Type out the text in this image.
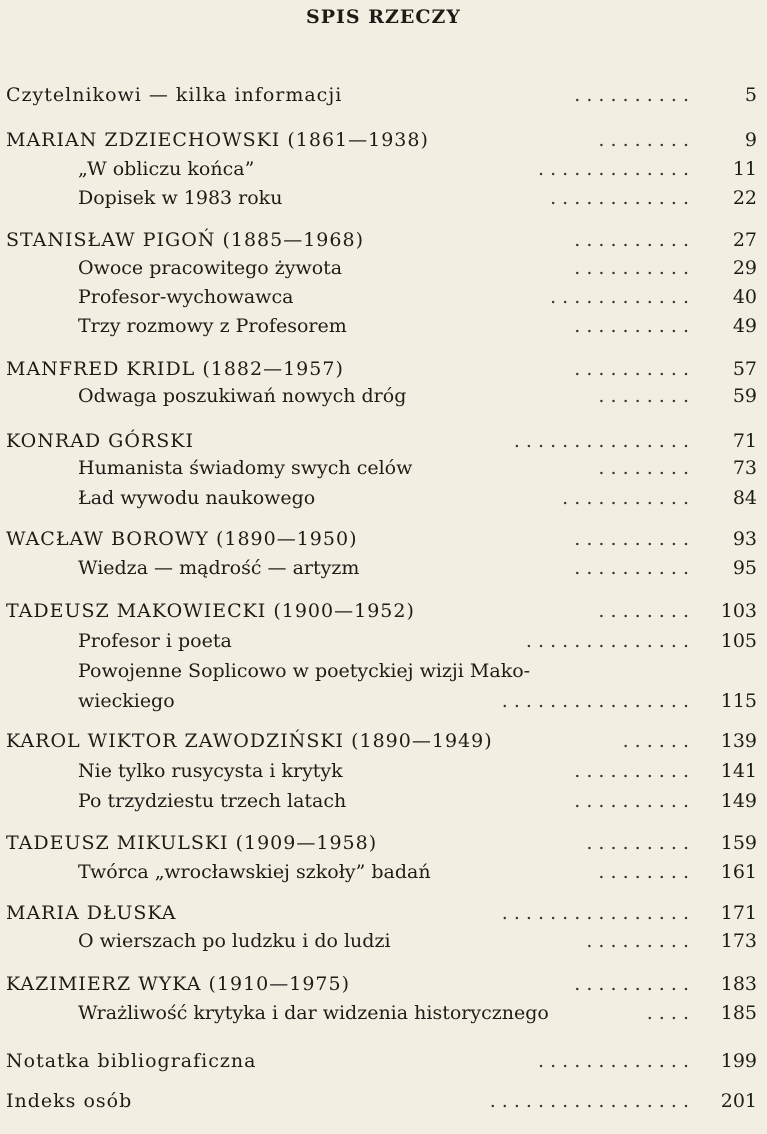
SPIS RZECZY
Czytelnikowi — kilka informacji	5
. . . . . . . . . .
MARIAN ZDZIECHOWSKI (1861—1938)	9
. . . . . . . .
„W obliczu końca”	11
. . . . . . . . . . . . .
Dopisek w 1983 roku	22
. . . . . . . . . . . .
STANISŁAW PIGOŃ (1885—1968)	27
. . . . . . . . . .
Owoce pracowitego żywota	29
. . . . . . . . . .
Profesor-wychowawca	40
. . . . . . . . . . . .
Trzy rozmowy z Profesorem	49
. . . . . . . . . .
MANFRED KRIDL (1882—1957)	57
. . . . . . . . . .
Odwaga poszukiwań nowych dróg	59
. . . . . . . .
KONRAD GÓRSKI	71
. . . . . . . . . . . . . . .
Humanista świadomy swych celów	73
. . . . . . . .
Ład wywodu naukowego	84
. . . . . . . . . . .
WACŁAW BOROWY (1890—1950)	93
. . . . . . . . . .
Wiedza — mądrość — artyzm	95
. . . . . . . . . .
TADEUSZ MAKOWIECKI (1900—1952)	103
. . . . . . . .
Profesor i poeta	105
. . . . . . . . . . . . . .
Powojenne Soplicowo w poetyckiej wizji Mako-
wieckiego	115
. . . . . . . . . . . . . . . .
KAROL WIKTOR ZAWODZIŃSKI (1890—1949)	139
. . . . . .
Nie tylko rusycysta i krytyk	141
. . . . . . . . . .
Po trzydziestu trzech latach	149
. . . . . . . . . .
TADEUSZ MIKULSKI (1909—1958)	159
. . . . . . . . .
Twórca „wrocławskiej szkoły” badań	161
. . . . . . . .
MARIA DŁUSKA	171
. . . . . . . . . . . . . . . .
O wierszach po ludzku i do ludzi	173
. . . . . . . . .
KAZIMIERZ WYKA (1910—1975)	183
. . . . . . . . . .
Wrażliwość krytyka i dar widzenia historycznego	185
. . . .
Notatka bibliograficzna	199
. . . . . . . . . . . . .
Indeks osób	201
. . . . . . . . . . . . . . . . .
